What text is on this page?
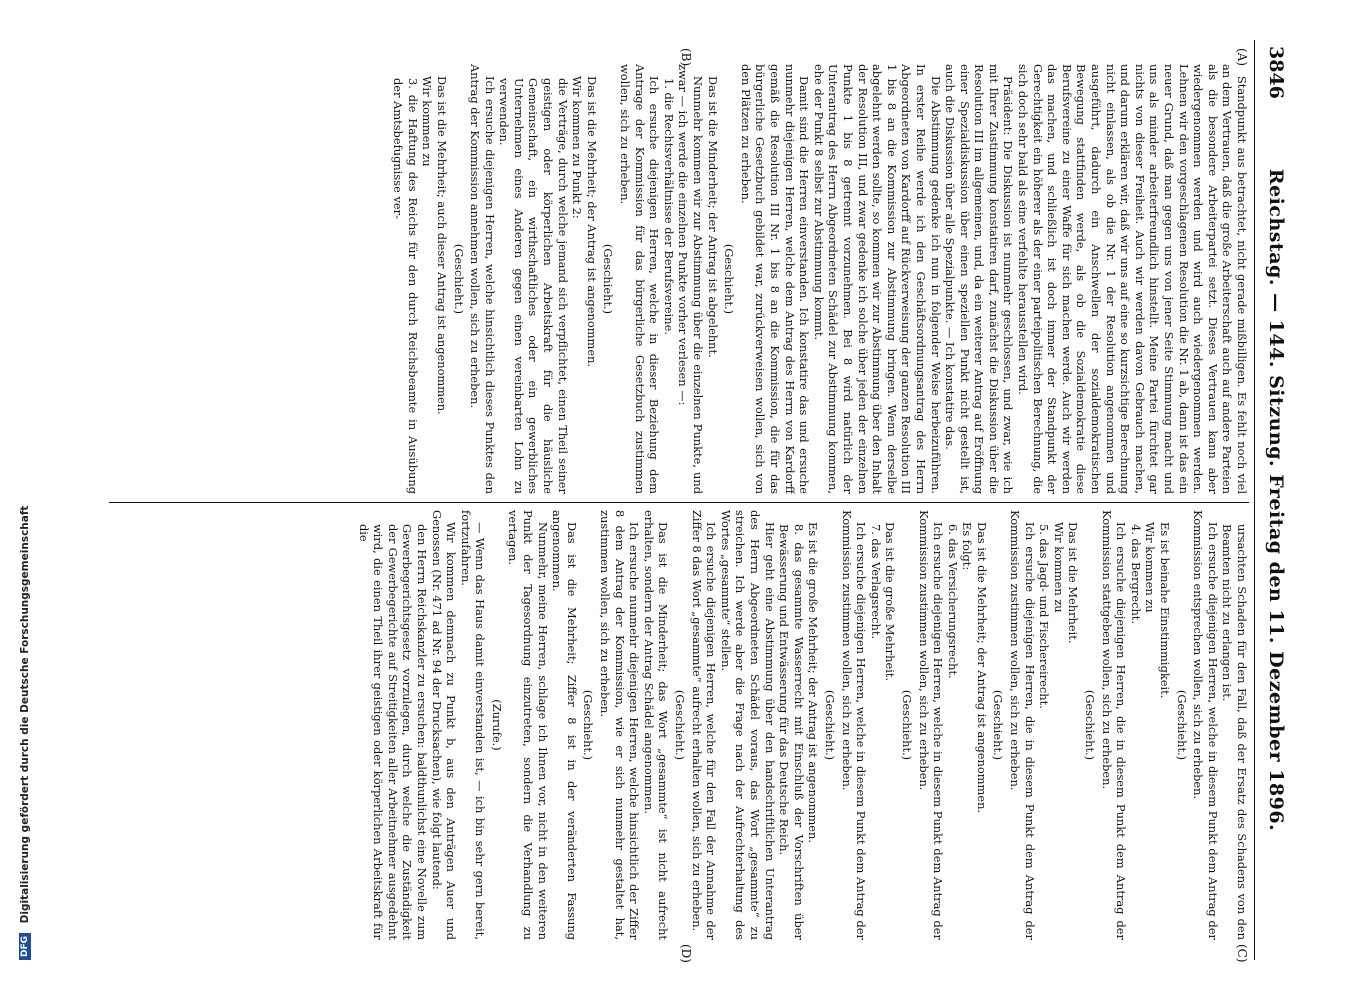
3846
Reichstag. — 144. Sitzung. Freitag den 11. Dezember 1896.
(A)
(B)
(C)
(D)

Standpunkt aus betrachtet, nicht gerade mißbilligen. Es fehlt noch viel an dem Vertrauen, daß die große Arbeiterschaft auch auf andere Parteien als die besondere Arbeiterpartei setzt. Dieses Vertrauen kann aber wiedergenommen werden und wird auch wiedergenommen werden. Lehnen wir den vorgeschlagenen Resolution die Nr. 1 ab, dann ist das ein neuer Grund, daß man gegen uns von jener Seite Stimmung macht und uns als minder arbeiterfreundlich hinstellt. Meine Partei fürchtet gar nichts von dieser Freiheit. Auch wir werden davon Gebrauch machen, und darum erklären wir, daß wir uns auf eine so kurzsichtige Berechnung nicht einlassen, als ob die Nr. 1 der Resolution angenommen und ausgeführt, dadurch ein Anschwellen der sozialdemokratischen Bewegung stattfinden werde, als ob die Sozialdemokratie diese Berufsvereine zu einer Waffe für sich machen werde. Auch wir werden das machen, und schließlich ist doch immer der Standpunkt der Gerechtigkeit ein höherer als der einer parteipolitischen Berechnung, die sich doch sehr bald als eine verfehlte herausstellen wird.

Präsident: Die Diskussion ist nunmehr geschlossen, und zwar, wie ich mit Ihrer Zustimmung konstatiren darf, zunächst die Diskussion über die Resolution III im allgemeinen, und, da ein weiterer Antrag auf Eröffnung einer Spezialdiskussion über einen speziellen Punkt nicht gestellt ist, auch die Diskussion über alle Spezialpunkte. — Ich konstatire das.

Die Abstimmung gedenke ich nun in folgender Weise herbeizuführen. In erster Reihe werde ich den Geschäftsordnungsantrag des Herrn Abgeordneten von Kardorff auf Rückverweisung der ganzen Resolution III 1 bis 8 an die Kommission zur Abstimmung bringen. Wenn derselbe abgelehnt werden sollte, so kommen wir zur Abstimmung über den Inhalt der Resolution III, und zwar gedenke ich solche über jeden der einzelnen Punkte 1 bis 8 getrennt vorzunehmen. Bei 8 wird natürlich der Unterantrag des Herrn Abgeordneten Schädel zur Abstimmung kommen, ehe der Punkt 8 selbst zur Abstimmung kommt.

Damit sind die Herren einverstanden. Ich konstatire das und ersuche nunmehr diejenigen Herren, welche dem Antrag des Herrn von Kardorff gemäß die Resolution III Nr. 1 bis 8 an die Kommission, die für das bürgerliche Gesetzbuch gebildet war, zurückverweisen wollen, sich von den Plätzen zu erheben.

(Geschieht.)

Das ist die Minderheit; der Antrag ist abgelehnt.

Nunmehr kommen wir zur Abstimmung über die einzelnen Punkte, und zwar — ich werde die einzelnen Punkte vorher verlesen —:

1. die Rechtsverhältnisse der Berufsvereine.

Ich ersuche diejenigen Herren, welche in dieser Beziehung dem Antrage der Kommission für das bürgerliche Gesetzbuch zustimmen wollen, sich zu erheben.

(Geschieht.)

Das ist die Mehrheit; der Antrag ist angenommen.

Wir kommen zu Punkt 2:

die Verträge, durch welche jemand sich verpflichtet, einen Theil seiner geistigen oder körperlichen Arbeitskraft für die häusliche Gemeinschaft, ein wirthschaftliches oder ein gewerbliches Unternehmen eines Anderen gegen einen vereinbarten Lohn zu verwenden.

Ich ersuche diejenigen Herren, welche hinsichtlich dieses Punktes den Antrag der Kommission annehmen wollen, sich zu erheben.

(Geschieht.)

Das ist die Mehrheit; auch dieser Antrag ist angenommen.

Wir kommen zu

3. die Haftung des Reichs für den durch Reichsbeamte in Ausübung der Amtsbefugnisse ver-

ursachten Schaden für den Fall, daß der Ersatz des Schadens von den Beamten nicht zu erlangen ist.

Ich ersuche diejenigen Herren, welche in diesem Punkt dem Antrag der Kommission entsprechen wollen, sich zu erheben.

(Geschieht.)

Es ist beinahe Einstimmigkeit.

Wir kommen zu

4. das Bergrecht.

Ich ersuche diejenigen Herren, die in diesem Punkt dem Antrag der Kommission stattgeben wollen, sich zu erheben.

(Geschieht.)

Das ist die Mehrheit.

Wir kommen zu

5. das Jagd- und Fischereirecht.

Ich ersuche diejenigen Herren, die in diesem Punkt dem Antrag der Kommission zustimmen wollen, sich zu erheben.

(Geschieht.)

Das ist die Mehrheit; der Antrag ist angenommen.

Es folgt:

6. das Versicherungsrecht.

Ich ersuche diejenigen Herren, welche in diesem Punkt dem Antrag der Kommission zustimmen wollen, sich zu erheben.

(Geschieht.)

Das ist die große Mehrheit.

7. das Verlagsrecht.

Ich ersuche diejenigen Herren, welche in diesem Punkt dem Antrag der Kommission zustimmen wollen, sich zu erheben.

(Geschieht.)

Es ist die große Mehrheit; der Antrag ist angenommen.

8. das gesammte Wasserrecht mit Einschluß der Vorschriften über Bewässerung und Entwässerung für das Deutsche Reich.

Hier geht eine Abstimmung über den handschriftlichen Unterantrag des Herrn Abgeordneten Schädel voraus, das Wort „gesammte“ zu streichen. Ich werde aber die Frage nach der Aufrechterhaltung des Wortes „gesammte“ stellen.

Ich ersuche diejenigen Herren, welche für den Fall der Annahme der Ziffer 8 das Wort „gesammte“ aufrecht erhalten wollen, sich zu erheben.

(Geschieht.)

Das ist die Minderheit; das Wort „gesammte“ ist nicht aufrecht erhalten, sondern der Antrag Schädel angenommen.

Ich ersuche nunmehr diejenigen Herren, welche hinsichtlich der Ziffer 8 dem Antrag der Kommission, wie er sich nunmehr gestaltet hat, zustimmen wollen, sich zu erheben.

(Geschieht.)

Das ist die Mehrheit; Ziffer 8 ist in der veränderten Fassung angenommen.

Nunmehr, meine Herren, schlage ich Ihnen vor, nicht in den weiteren Punkt der Tagesordnung einzutreten, sondern die Verhandlung zu vertagen.

(Zurufe.)

— Wenn das Haus damit einverstanden ist, — ich bin sehr gern bereit, fortzufahren.

Wir kommen demnach zu Punkt b, aus den Anträgen Auer und Genossen (Nr. 471 ad Nr. 94 der Drucksachen), wie folgt lautend:

den Herrn Reichskanzler zu ersuchen: baldthunlichst eine Novelle zum Gewerbegerichtsgesetz vorzulegen, durch welche die Zuständigkeit der Gewerbegerichte auf Streitigkeiten aller Arbeitnehmer ausgedehnt wird, die einen Theil ihrer geistigen oder körperlichen Arbeitskraft für die

DFG Digitalisierung gefördert durch die Deutsche Forschungsgemeinschaft
